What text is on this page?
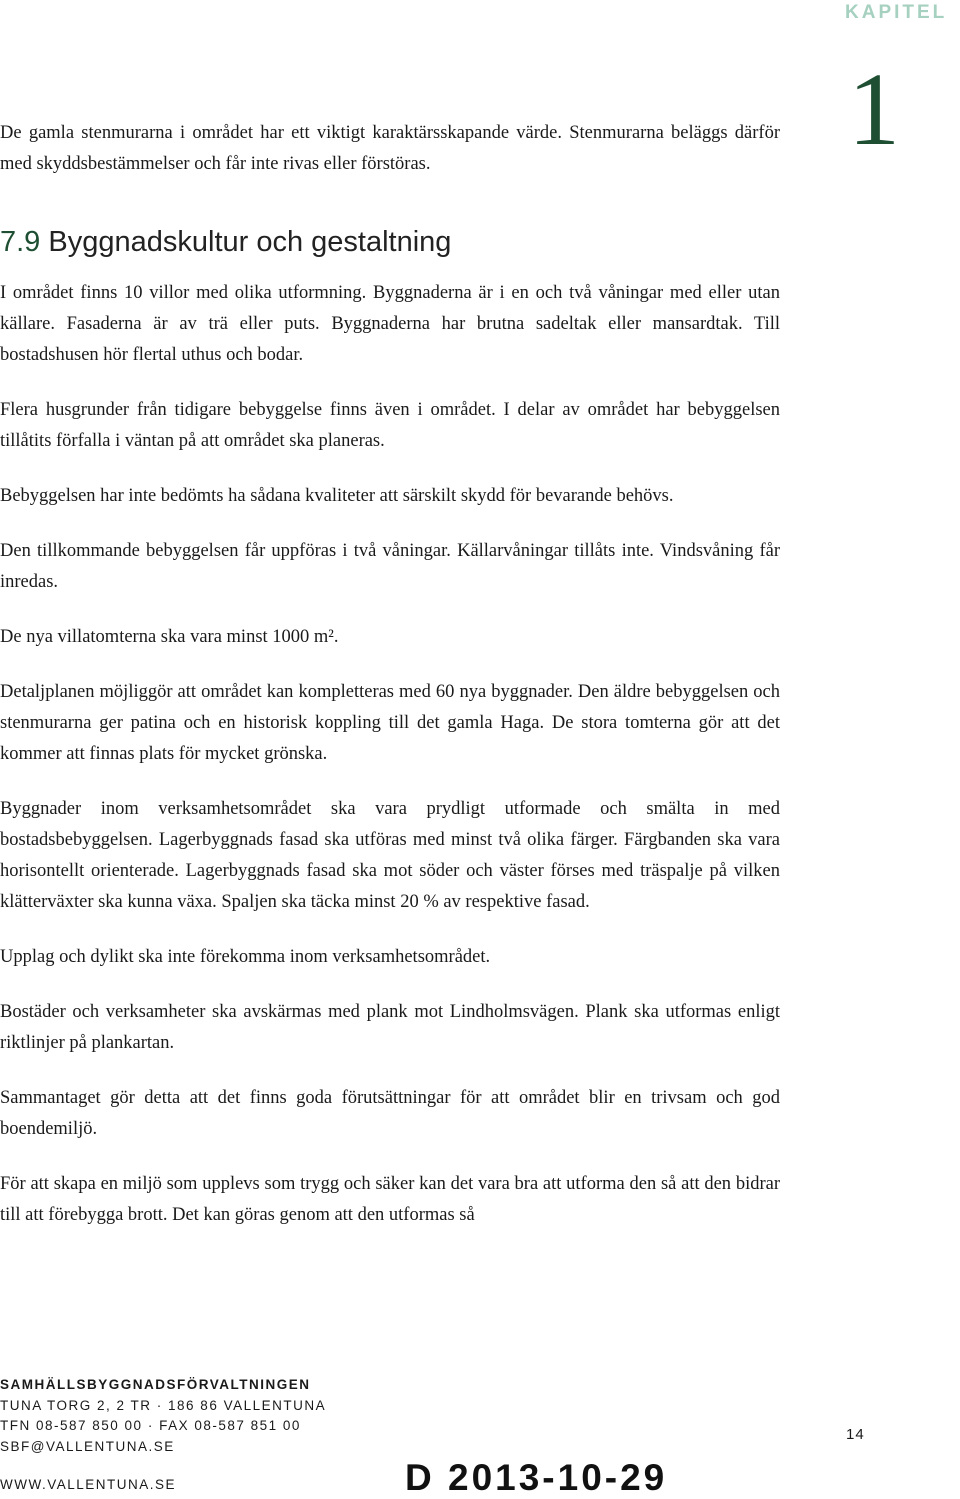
KAPITEL
1

De gamla stenmurarna i området har ett viktigt karaktärsskapande värde. Stenmurarna beläggs därför med skyddsbestämmelser och får inte rivas eller förstöras.

7.9 Byggnadskultur och gestaltning

I området finns 10 villor med olika utformning. Byggnaderna är i en och två våningar med eller utan källare. Fasaderna är av trä eller puts. Byggnaderna har brutna sadeltak eller mansardtak. Till bostadshusen hör flertal uthus och bodar.

Flera husgrunder från tidigare bebyggelse finns även i området. I delar av området har bebyggelsen tillåtits förfalla i väntan på att området ska planeras.

Bebyggelsen har inte bedömts ha sådana kvaliteter att särskilt skydd för bevarande behövs.

Den tillkommande bebyggelsen får uppföras i två våningar. Källarvåningar tillåts inte. Vindsvåning får inredas.

De nya villatomterna ska vara minst 1000 m².

Detaljplanen möjliggör att området kan kompletteras med 60 nya byggnader. Den äldre bebyggelsen och stenmurarna ger patina och en historisk koppling till det gamla Haga. De stora tomterna gör att det kommer att finnas plats för mycket grönska.

Byggnader inom verksamhetsområdet ska vara prydligt utformade och smälta in med bostadsbebyggelsen. Lagerbyggnads fasad ska utföras med minst två olika färger. Färgbanden ska vara horisontellt orienterade. Lagerbyggnads fasad ska mot söder och väster förses med träspalje på vilken klätterväxter ska kunna växa. Spaljen ska täcka minst 20 % av respektive fasad.

Upplag och dylikt ska inte förekomma inom verksamhetsområdet.

Bostäder och verksamheter ska avskärmas med plank mot Lindholmsvägen. Plank ska utformas enligt riktlinjer på plankartan.

Sammantaget gör detta att det finns goda förutsättningar för att området blir en trivsam och god boendemiljö.

För att skapa en miljö som upplevs som trygg och säker kan det vara bra att utforma den så att den bidrar till att förebygga brott. Det kan göras genom att den utformas så

SAMHÄLLSBYGGNADSFÖRVALTNINGEN
TUNA TORG 2, 2 TR · 186 86 VALLENTUNA
TFN 08-587 850 00 · FAX 08-587 851 00
SBF@VALLENTUNA.SE
WWW.VALLENTUNA.SE	D 2013-10-29
14
